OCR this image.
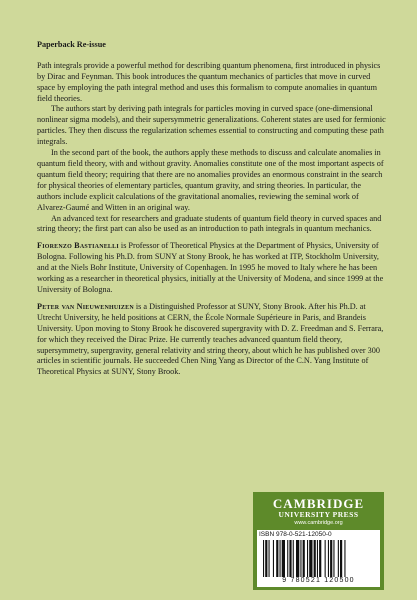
Paperback Re-issue

Path integrals provide a powerful method for describing quantum phenomena, first introduced in physics by Dirac and Feynman. This book introduces the quantum mechanics of particles that move in curved space by employing the path integral method and uses this formalism to compute anomalies in quantum field theories.

The authors start by deriving path integrals for particles moving in curved space (one-dimensional nonlinear sigma models), and their supersymmetric generalizations. Coherent states are used for fermionic particles. They then discuss the regularization schemes essential to constructing and computing these path integrals.

In the second part of the book, the authors apply these methods to discuss and calculate anomalies in quantum field theory, with and without gravity. Anomalies constitute one of the most important aspects of quantum field theory; requiring that there are no anomalies provides an enormous constraint in the search for physical theories of elementary particles, quantum gravity, and string theories. In particular, the authors include explicit calculations of the gravitational anomalies, reviewing the seminal work of Alvarez-Gaumé and Witten in an original way.

An advanced text for researchers and graduate students of quantum field theory in curved spaces and string theory; the first part can also be used as an introduction to path integrals in quantum mechanics.

Fiorenzo Bastianelli is Professor of Theoretical Physics at the Department of Physics, University of Bologna. Following his Ph.D. from SUNY at Stony Brook, he has worked at ITP, Stockholm University, and at the Niels Bohr Institute, University of Copenhagen. In 1995 he moved to Italy where he has been working as a researcher in theoretical physics, initially at the University of Modena, and since 1999 at the University of Bologna.

Peter van Nieuwenhuizen is a Distinguished Professor at SUNY, Stony Brook. After his Ph.D. at Utrecht University, he held positions at CERN, the École Normale Supérieure in Paris, and Brandeis University. Upon moving to Stony Brook he discovered supergravity with D. Z. Freedman and S. Ferrara, for which they received the Dirac Prize. He currently teaches advanced quantum field theory, supersymmetry, supergravity, general relativity and string theory, about which he has published over 300 articles in scientific journals. He succeeded Chen Ning Yang as Director of the C.N. Yang Institute of Theoretical Physics at SUNY, Stony Brook.

CAMBRIDGE
UNIVERSITY PRESS
www.cambridge.org
ISBN 978-0-521-12050-0
9 780521 120500
